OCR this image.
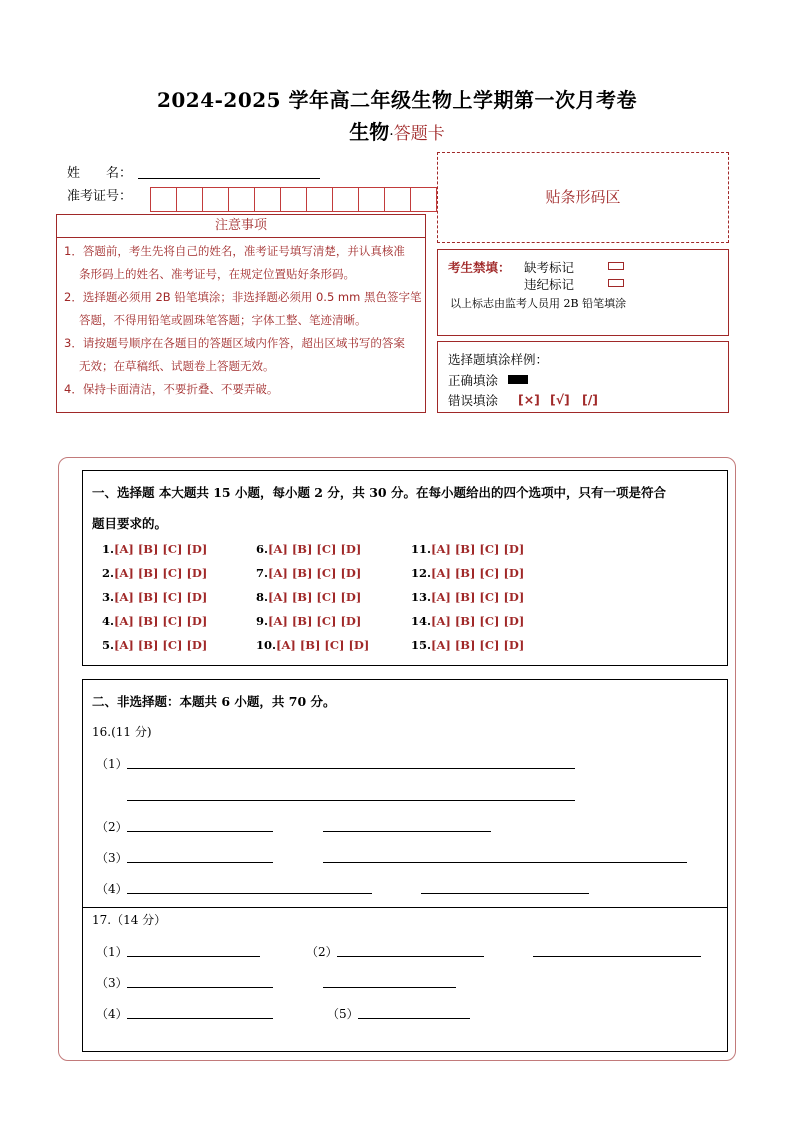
2024-2025 学年高二年级生物上学期第一次月考卷
生物·答题卡
姓　　名：
准考证号：
注意事项
1．答题前，考生先将自己的姓名，准考证号填写清楚，并认真核准
条形码上的姓名、准考证号，在规定位置贴好条形码。
2．选择题必须用 2B 铅笔填涂；非选择题必须用 0.5 mm 黑色签字笔
答题，不得用铅笔或圆珠笔答题；字体工整、笔迹清晰。
3．请按题号顺序在各题目的答题区域内作答，超出区域书写的答案
无效；在草稿纸、试题卷上答题无效。
4．保持卡面清洁，不要折叠、不要弄破。
贴条形码区
考生禁填： 缺考标记
违纪标记
以上标志由监考人员用 2B 铅笔填涂
选择题填涂样例：
正确填涂
错误填涂 [×] [√] [/]
一、选择题 本大题共 15 小题，每小题 2 分，共 30 分。在每小题给出的四个选项中，只有一项是符合
题目要求的。
1.[A] [B] [C] [D]
2.[A] [B] [C] [D]
3.[A] [B] [C] [D]
4.[A] [B] [C] [D]
5.[A] [B] [C] [D]
6.[A] [B] [C] [D]
7.[A] [B] [C] [D]
8.[A] [B] [C] [D]
9.[A] [B] [C] [D]
10.[A] [B] [C] [D]
11.[A] [B] [C] [D]
12.[A] [B] [C] [D]
13.[A] [B] [C] [D]
14.[A] [B] [C] [D]
15.[A] [B] [C] [D]
二、非选择题：本题共 6 小题，共 70 分。
16.(11 分)
（1）
（2）
（3）
（4）
17.（14 分）
（1）	（2）
（3）
（4）	（5）
